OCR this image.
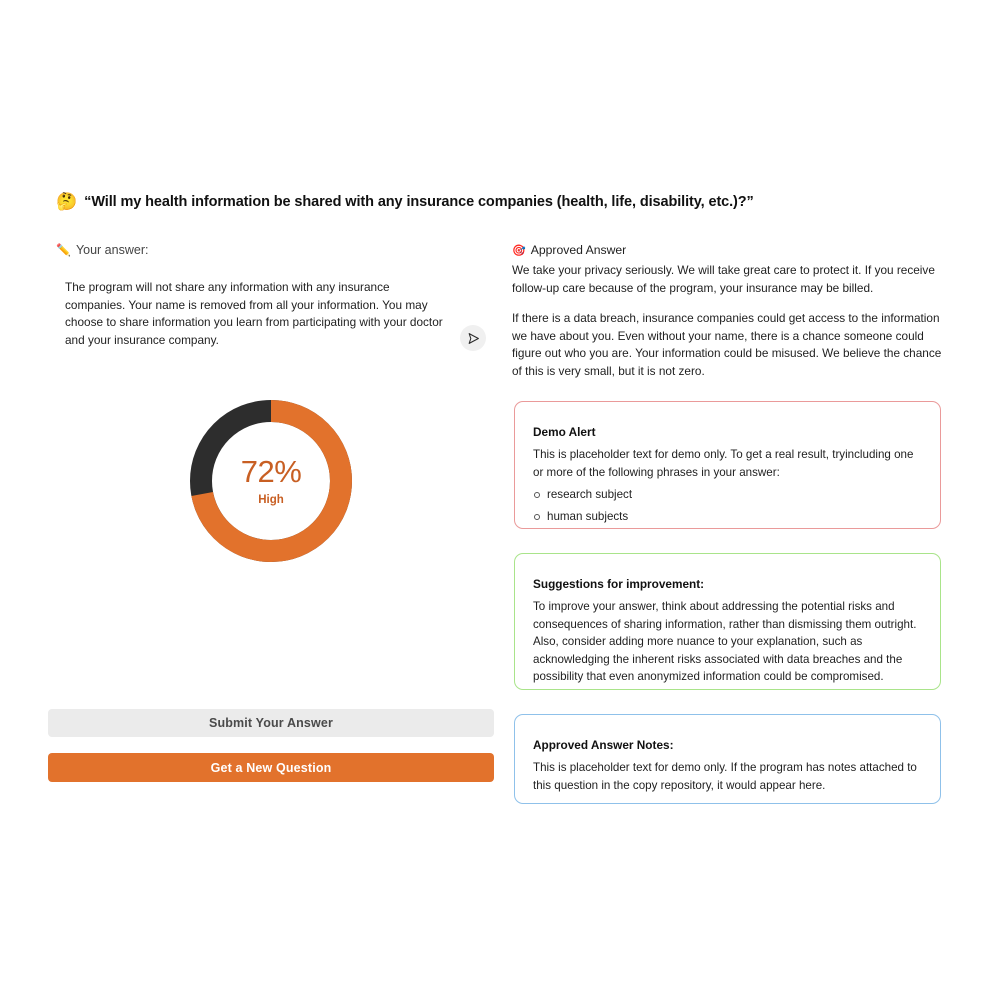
🤔 “Will my health information be shared with any insurance companies (health, life, disability, etc.)?”
✏️ Your answer:
The program will not share any information with any insurance companies. Your name is removed from all your information. You may choose to share information you learn from participating with your doctor and your insurance company.
72%
High
Submit Your Answer
Get a New Question
🎯 Approved Answer

We take your privacy seriously. We will take great care to protect it. If you receive follow-up care because of the program, your insurance may be billed.

If there is a data breach, insurance companies could get access to the information we have about you. Even without your name, there is a chance someone could figure out who you are. Your information could be misused. We believe the chance of this is very small, but it is not zero.

Demo Alert
This is placeholder text for demo only. To get a real result, tryincluding one or more of the following phrases in your answer:
research subject
human subjects
Suggestions for improvement:
To improve your answer, think about addressing the potential risks and consequences of sharing information, rather than dismissing them outright. Also, consider adding more nuance to your explanation, such as acknowledging the inherent risks associated with data breaches and the possibility that even anonymized information could be compromised.
Approved Answer Notes:
This is placeholder text for demo only. If the program has notes attached to this question in the copy repository, it would appear here.
